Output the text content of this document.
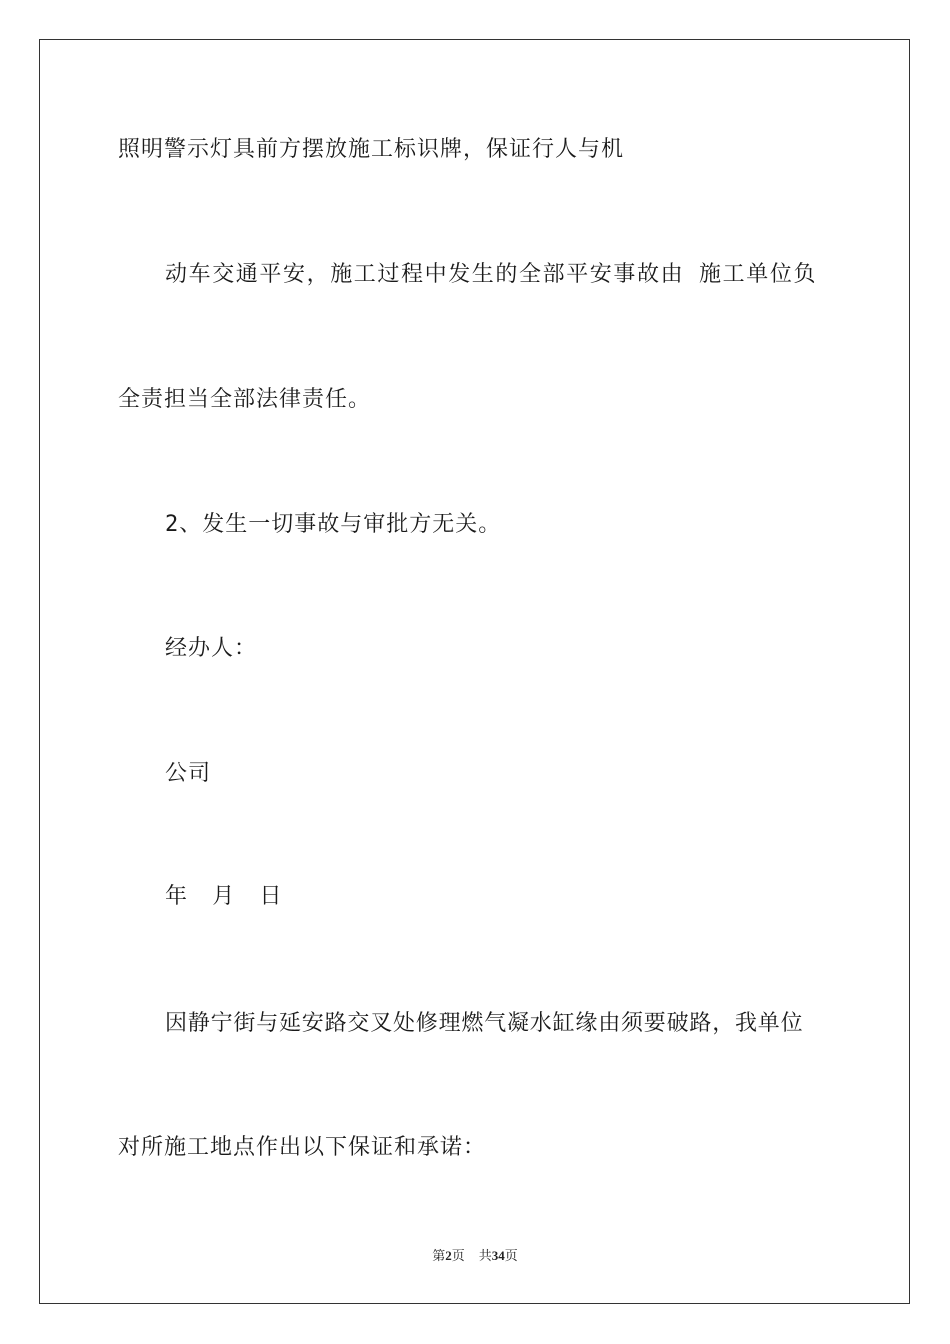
照明警示灯具前方摆放施工标识牌，保证行人与机
动车交通平安，施工过程中发生的全部平安事故由 施工单位负
全责担当全部法律责任。
2、发生一切事故与审批方无关。
经办人：
公司
年 月 日
因静宁街与延安路交叉处修理燃气凝水缸缘由须要破路，我单位
对所施工地点作出以下保证和承诺：
第2页 共34页
